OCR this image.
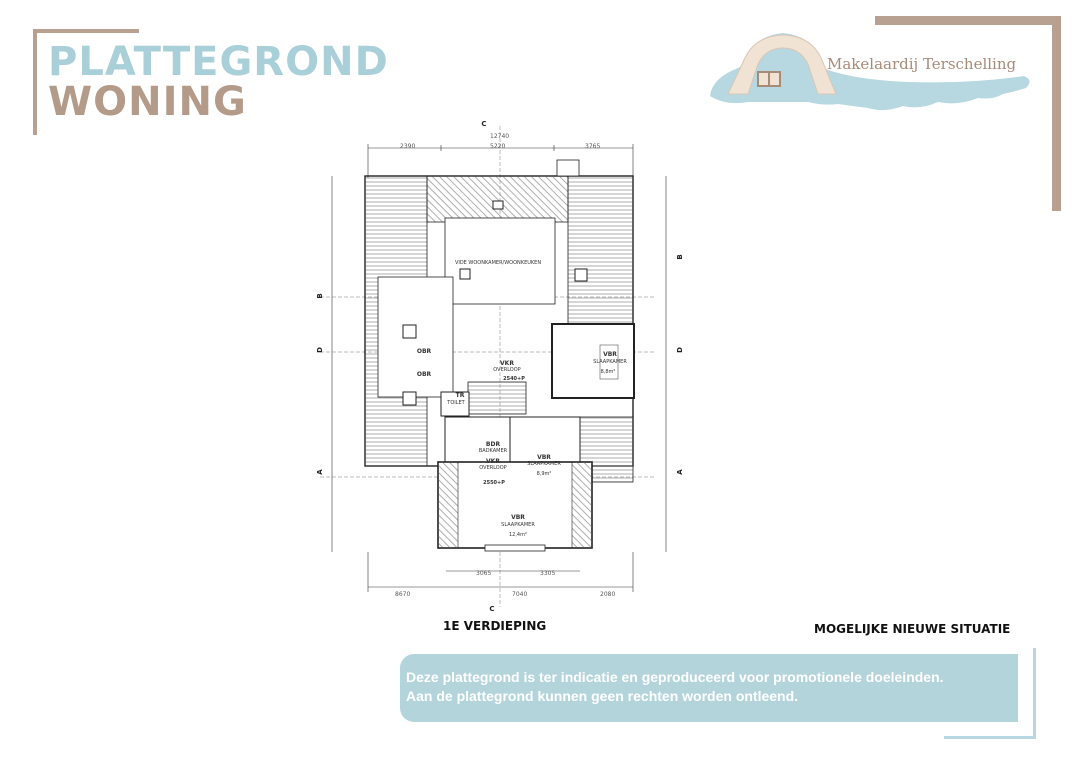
PLATTEGROND
WONING
Makelaardij Terschelling
2390	5220	3765
12740
8670	7040	2080
3065	3305
C
C
B
D
A
B
D
A
VIDE WOONKAMER/WOONKEUKEN
VKR
OVERLOOP
2540+P
VBR
SLAAPKAMER
8,8m²
OBR
OBR
TR
TOILET
BDR
BADKAMER
VKR
OVERLOOP
2550+P
VBR
SLAAPKAMER
8,9m²
VBR
SLAAPKAMER
12,4m²
1E VERDIEPING	MOGELIJKE NIEUWE SITUATIE
Deze plattegrond is ter indicatie en geproduceerd voor promotionele doeleinden.
Aan de plattegrond kunnen geen rechten worden ontleend.
